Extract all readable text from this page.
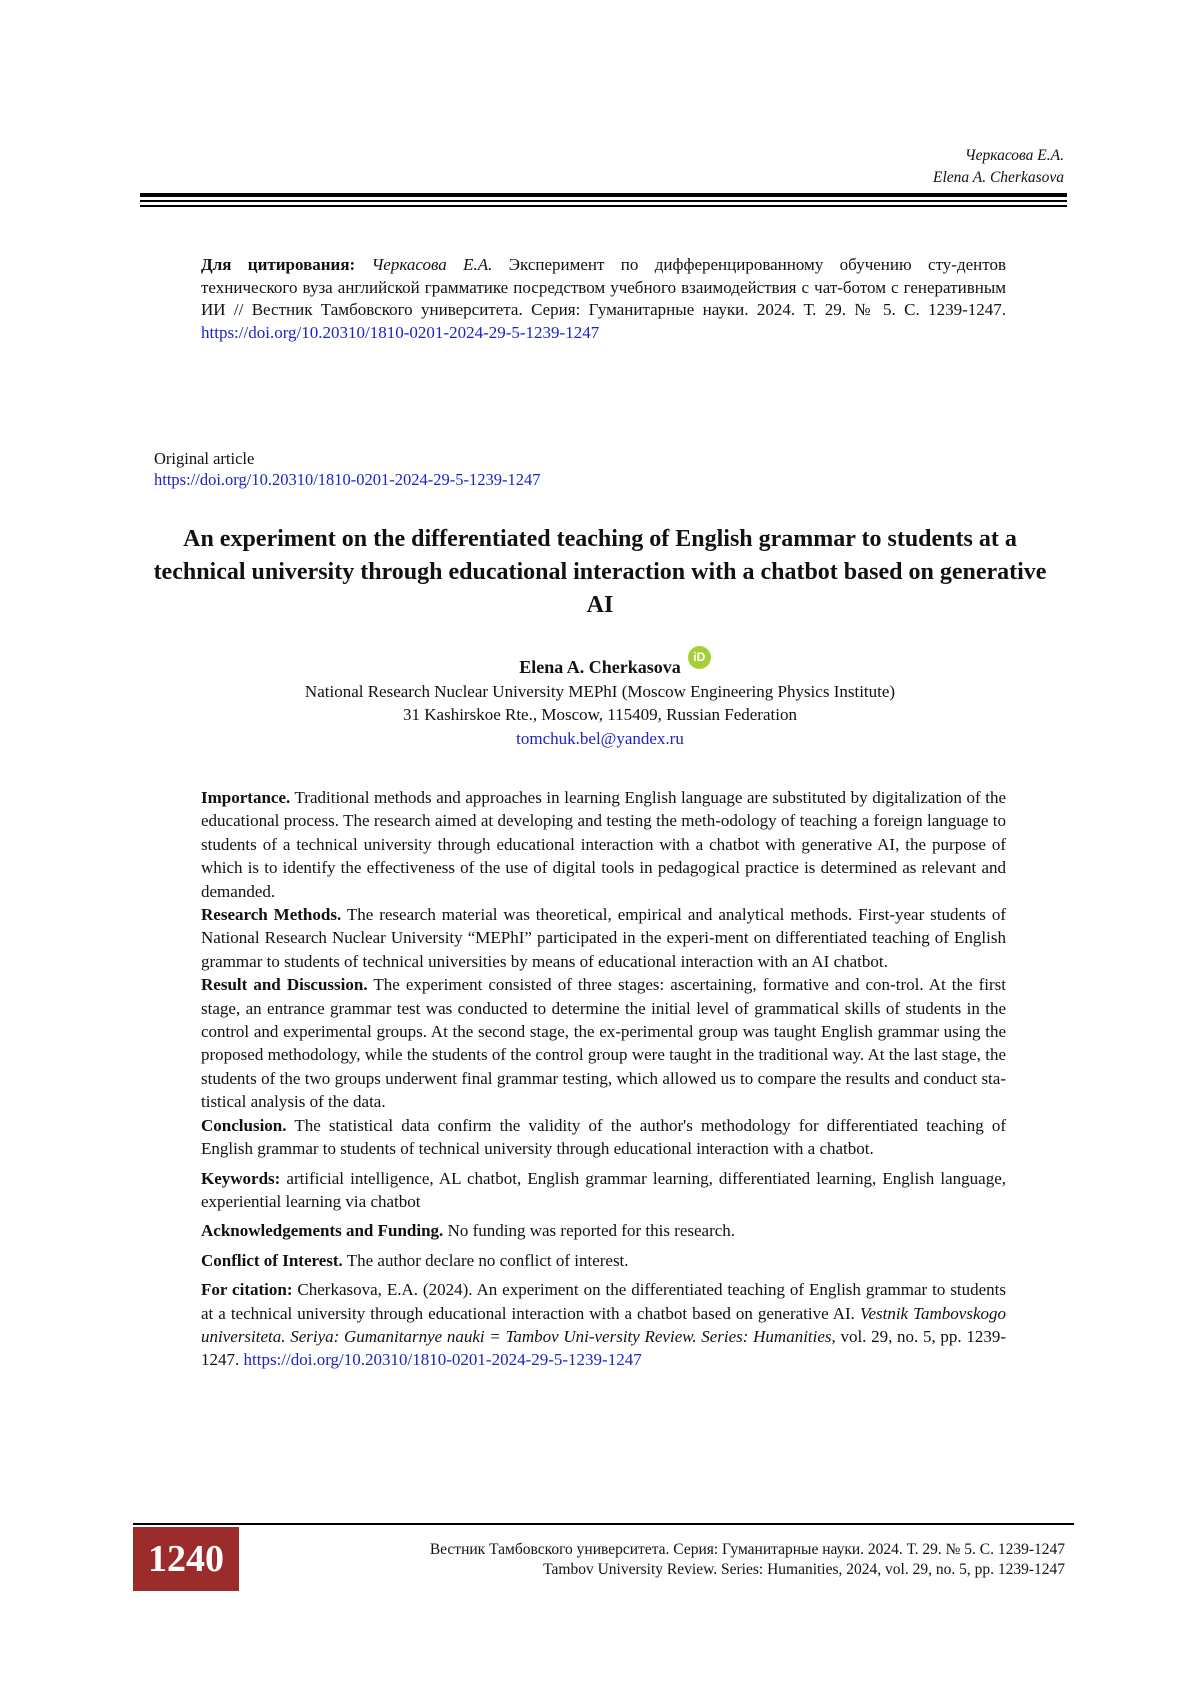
Черкасова Е.А.
Elena A. Cherkasova
Для цитирования: Черкасова Е.А. Эксперимент по дифференцированному обучению сту-дентов технического вуза английской грамматике посредством учебного взаимодействия с чат-ботом с генеративным ИИ // Вестник Тамбовского университета. Серия: Гуманитарные науки. 2024. Т. 29. № 5. С. 1239-1247. https://doi.org/10.20310/1810-0201-2024-29-5-1239-1247
Original article
https://doi.org/10.20310/1810-0201-2024-29-5-1239-1247
An experiment on the differentiated teaching of English grammar to students at a technical university through educational interaction with a chatbot based on generative AI
Elena A. Cherkasova	iD
National Research Nuclear University MEPhI (Moscow Engineering Physics Institute)
31 Kashirskoe Rte., Moscow, 115409, Russian Federation
tomchuk.bel@yandex.ru

Importance. Traditional methods and approaches in learning English language are substituted by digitalization of the educational process. The research aimed at developing and testing the meth-odology of teaching a foreign language to students of a technical university through educational interaction with a chatbot with generative AI, the purpose of which is to identify the effectiveness of the use of digital tools in pedagogical practice is determined as relevant and demanded.

Research Methods. The research material was theoretical, empirical and analytical methods. First-year students of National Research Nuclear University “MEPhI” participated in the experi-ment on differentiated teaching of English grammar to students of technical universities by means of educational interaction with an AI chatbot.

Result and Discussion. The experiment consisted of three stages: ascertaining, formative and con-trol. At the first stage, an entrance grammar test was conducted to determine the initial level of grammatical skills of students in the control and experimental groups. At the second stage, the ex-perimental group was taught English grammar using the proposed methodology, while the students of the control group were taught in the traditional way. At the last stage, the students of the two groups underwent final grammar testing, which allowed us to compare the results and conduct sta-tistical analysis of the data.

Conclusion. The statistical data confirm the validity of the author's methodology for differentiated teaching of English grammar to students of technical university through educational interaction with a chatbot.

Keywords: artificial intelligence, AL chatbot, English grammar learning, differentiated learning, English language, experiential learning via chatbot

Acknowledgements and Funding. No funding was reported for this research.

Conflict of Interest. The author declare no conflict of interest.

For citation: Cherkasova, E.A. (2024). An experiment on the differentiated teaching of English grammar to students at a technical university through educational interaction with a chatbot based on generative AI. Vestnik Tambovskogo universiteta. Seriya: Gumanitarnye nauki = Tambov Uni-versity Review. Series: Humanities, vol. 29, no. 5, pp. 1239-1247. https://doi.org/10.20310/1810-0201-2024-29-5-1239-1247

1240	Вестник Тамбовского университета. Серия: Гуманитарные науки. 2024. Т. 29. № 5. С. 1239-1247
Tambov University Review. Series: Humanities, 2024, vol. 29, no. 5, pp. 1239-1247
